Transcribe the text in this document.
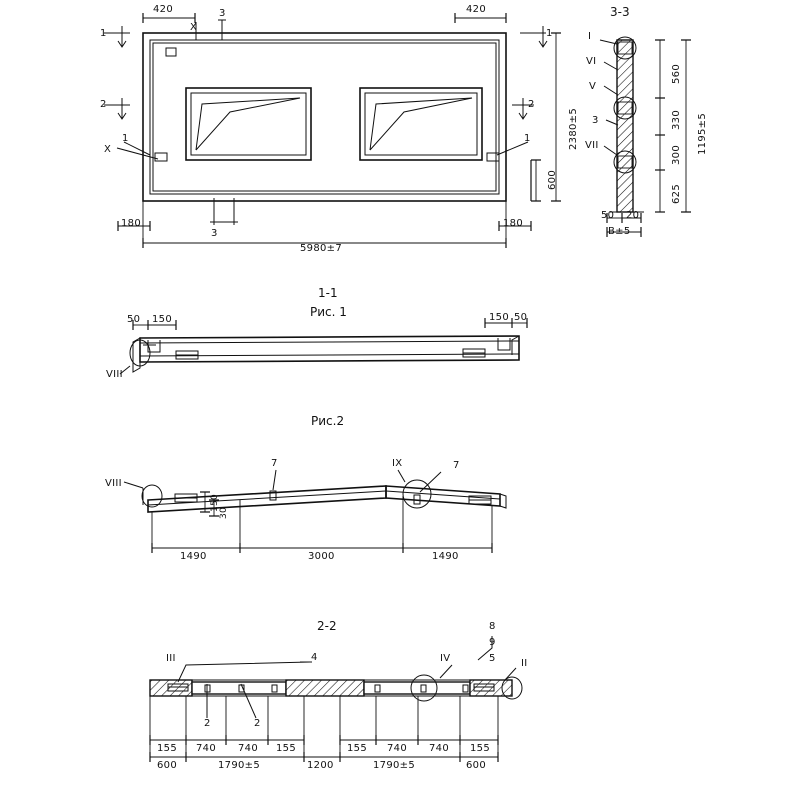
420	420
X
3
1	1
2	2
1	1
X
180	180
3
5980±7
2380±5
600
3-3
I
VI
V
3
VII
560
330
300
625
1195±5
50 20
B±5
1-1
Рис. 1
50 150	150 50
VIII
Рис.2
VIII
7	IX	7
150
30
1490	3000	1490
2-2
III	4	IV	II
8
9
5
2	2
155 740 740 155	155 740 740 155
600	1790±5	1200	1790±5	600
